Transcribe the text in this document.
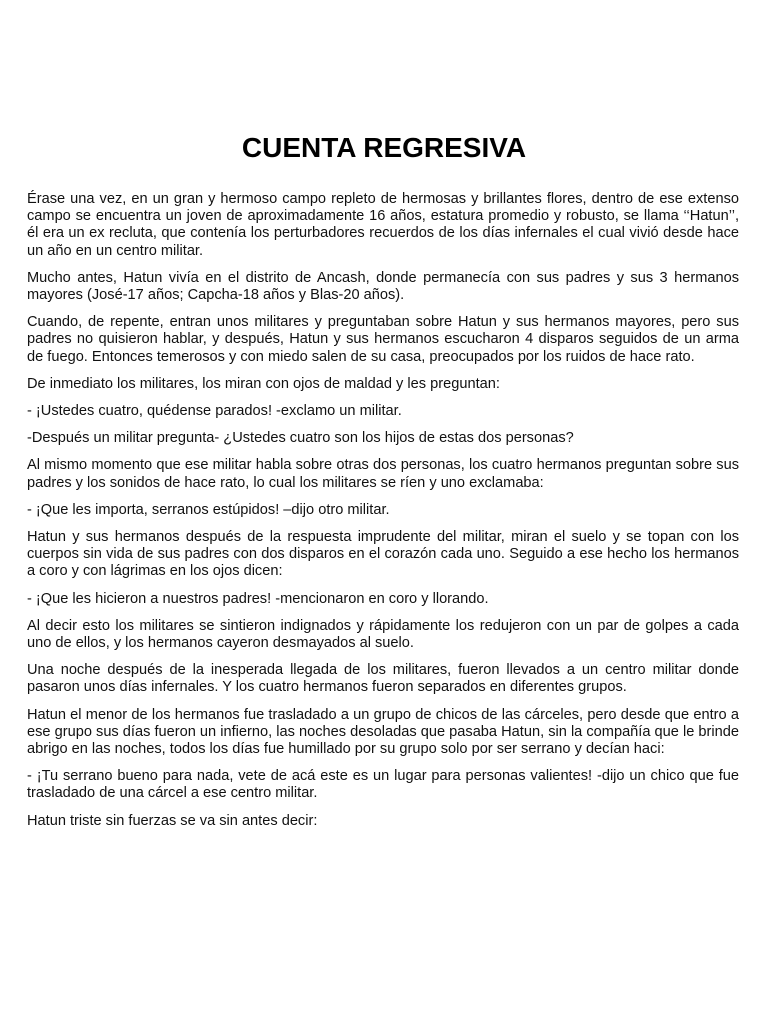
CUENTA REGRESIVA

Érase una vez, en un gran y hermoso campo repleto de hermosas y brillantes flores, dentro de ese extenso campo se encuentra un joven de aproximadamente 16 años, estatura promedio y robusto, se llama ‘‘Hatun’’, él era un ex recluta, que contenía los perturbadores recuerdos de los días infernales el cual vivió desde hace un año en un centro militar.

Mucho antes, Hatun vivía en el distrito de Ancash, donde permanecía con sus padres y sus 3 hermanos mayores (José-17 años; Capcha-18 años y Blas-20 años).

Cuando, de repente, entran unos militares y preguntaban sobre Hatun y sus hermanos mayores, pero sus padres no quisieron hablar, y después, Hatun y sus hermanos escucharon 4 disparos seguidos de un arma de fuego. Entonces temerosos y con miedo salen de su casa, preocupados por los ruidos de hace rato.

De inmediato los militares, los miran con ojos de maldad y les preguntan:

- ¡Ustedes cuatro, quédense parados! -exclamo un militar.

-Después un militar pregunta- ¿Ustedes cuatro son los hijos de estas dos personas?

Al mismo momento que ese militar habla sobre otras dos personas, los cuatro hermanos preguntan sobre sus padres y los sonidos de hace rato, lo cual los militares se ríen y uno exclamaba:

- ¡Que les importa, serranos estúpidos! –dijo otro militar.

Hatun y sus hermanos después de la respuesta imprudente del militar, miran el suelo y se topan con los cuerpos sin vida de sus padres con dos disparos en el corazón cada uno. Seguido a ese hecho los hermanos a coro y con lágrimas en los ojos dicen:

- ¡Que les hicieron a nuestros padres! -mencionaron en coro y llorando.

Al decir esto los militares se sintieron indignados y rápidamente los redujeron con un par de golpes a cada uno de ellos, y los hermanos cayeron desmayados al suelo.

Una noche después de la inesperada llegada de los militares, fueron llevados a un centro militar donde pasaron unos días infernales. Y los cuatro hermanos fueron separados en diferentes grupos.

Hatun el menor de los hermanos fue trasladado a un grupo de chicos de las cárceles, pero desde que entro a ese grupo sus días fueron un infierno, las noches desoladas que pasaba Hatun, sin la compañía que le brinde abrigo en las noches, todos los días fue humillado por su grupo solo por ser serrano y decían haci:

- ¡Tu serrano bueno para nada, vete de acá este es un lugar para personas valientes! -dijo un chico que fue trasladado de una cárcel a ese centro militar.

Hatun triste sin fuerzas se va sin antes decir:
